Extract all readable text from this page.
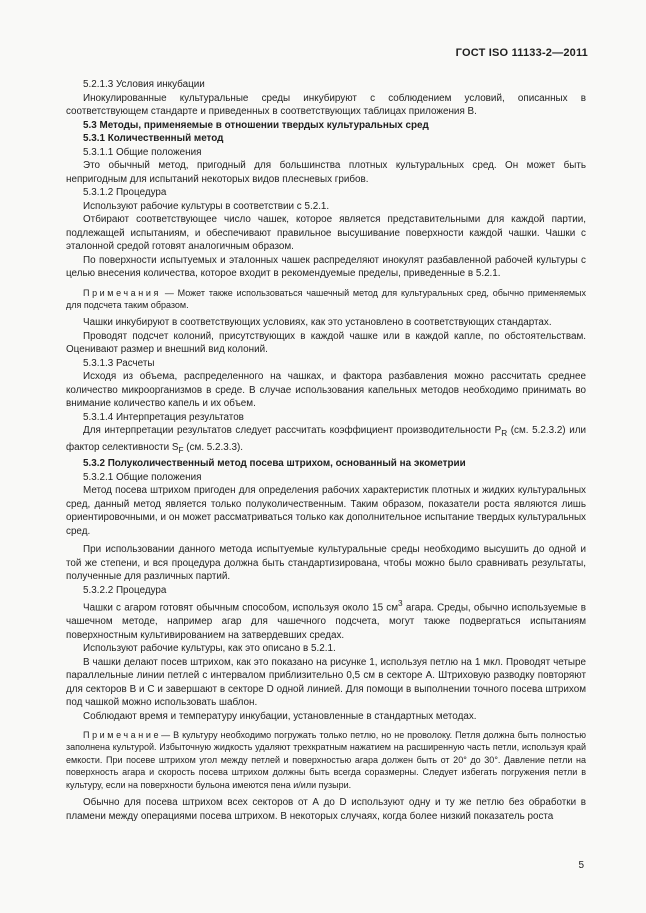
ГОСТ ISO 11133-2—2011

5.2.1.3 Условия инкубации

Инокулированные культуральные среды инкубируют с соблюдением условий, описанных в соответствующем стандарте и приведенных в соответствующих таблицах приложения В.

5.3 Методы, применяемые в отношении твердых культуральных сред

5.3.1 Количественный метод

5.3.1.1 Общие положения

Это обычный метод, пригодный для большинства плотных культуральных сред. Он может быть непригодным для испытаний некоторых видов плесневых грибов.

5.3.1.2 Процедура

Используют рабочие культуры в соответствии с 5.2.1.

Отбирают соответствующее число чашек, которое является представительными для каждой партии, подлежащей испытаниям, и обеспечивают правильное высушивание поверхности каждой чашки. Чашки с эталонной средой готовят аналогичным образом.

По поверхности испытуемых и эталонных чашек распределяют инокулят разбавленной рабочей культуры с целью внесения количества, которое входит в рекомендуемые пределы, приведенные в 5.2.1.

Примечания — Может также использоваться чашечный метод для культуральных сред, обычно применяемых для подсчета таким образом.

Чашки инкубируют в соответствующих условиях, как это установлено в соответствующих стандартах.

Проводят подсчет колоний, присутствующих в каждой чашке или в каждой капле, по обстоятельствам. Оценивают размер и внешний вид колоний.

5.3.1.3 Расчеты

Исходя из объема, распределенного на чашках, и фактора разбавления можно рассчитать среднее количество микроорганизмов в среде. В случае использования капельных методов необходимо принимать во внимание количество капель и их объем.

5.3.1.4 Интерпретация результатов

Для интерпретации результатов следует рассчитать коэффициент производительности $P_R$ (см. 5.2.3.2) или фактор селективности $S_F$ (см. 5.2.3.3).

5.3.2 Полуколичественный метод посева штрихом, основанный на экометрии

5.3.2.1 Общие положения

Метод посева штрихом пригоден для определения рабочих характеристик плотных и жидких культуральных сред, данный метод является только полуколичественным. Таким образом, показатели роста являются лишь ориентировочными, и он может рассматриваться только как дополнительное испытание твердых культуральных сред.

При использовании данного метода испытуемые культуральные среды необходимо высушить до одной и той же степени, и вся процедура должна быть стандартизирована, чтобы можно было сравнивать результаты, полученные для различных партий.

5.3.2.2 Процедура

Чашки с агаром готовят обычным способом, используя около 15 $см^3$ агара. Среды, обычно используемые в чашечном методе, например агар для чашечного подсчета, могут также подвергаться испытаниям поверхностным культивированием на затвердевших средах.

Используют рабочие культуры, как это описано в 5.2.1.

В чашки делают посев штрихом, как это показано на рисунке 1, используя петлю на 1 мкл. Проводят четыре параллельные линии петлей с интервалом приблизительно 0,5 см в секторе А. Штриховую разводку повторяют для секторов В и С и завершают в секторе D одной линией. Для помощи в выполнении точного посева штрихом под чашкой можно использовать шаблон.

Соблюдают время и температуру инкубации, установленные в стандартных методах.

Примечание— В культуру необходимо погружать только петлю, но не проволоку. Петля должна быть полностью заполнена культурой. Избыточную жидкость удаляют трехкратным нажатием на расширенную часть петли, используя край емкости. При посеве штрихом угол между петлей и поверхностью агара должен быть от 20° до 30°. Давление петли на поверхность агара и скорость посева штрихом должны быть всегда соразмерны. Следует избегать погружения петли в культуру, если на поверхности бульона имеются пена и/или пузыри.

Обычно для посева штрихом всех секторов от А до D используют одну и ту же петлю без обработки в пламени между операциями посева штрихом. В некоторых случаях, когда более низкий показатель роста

5
